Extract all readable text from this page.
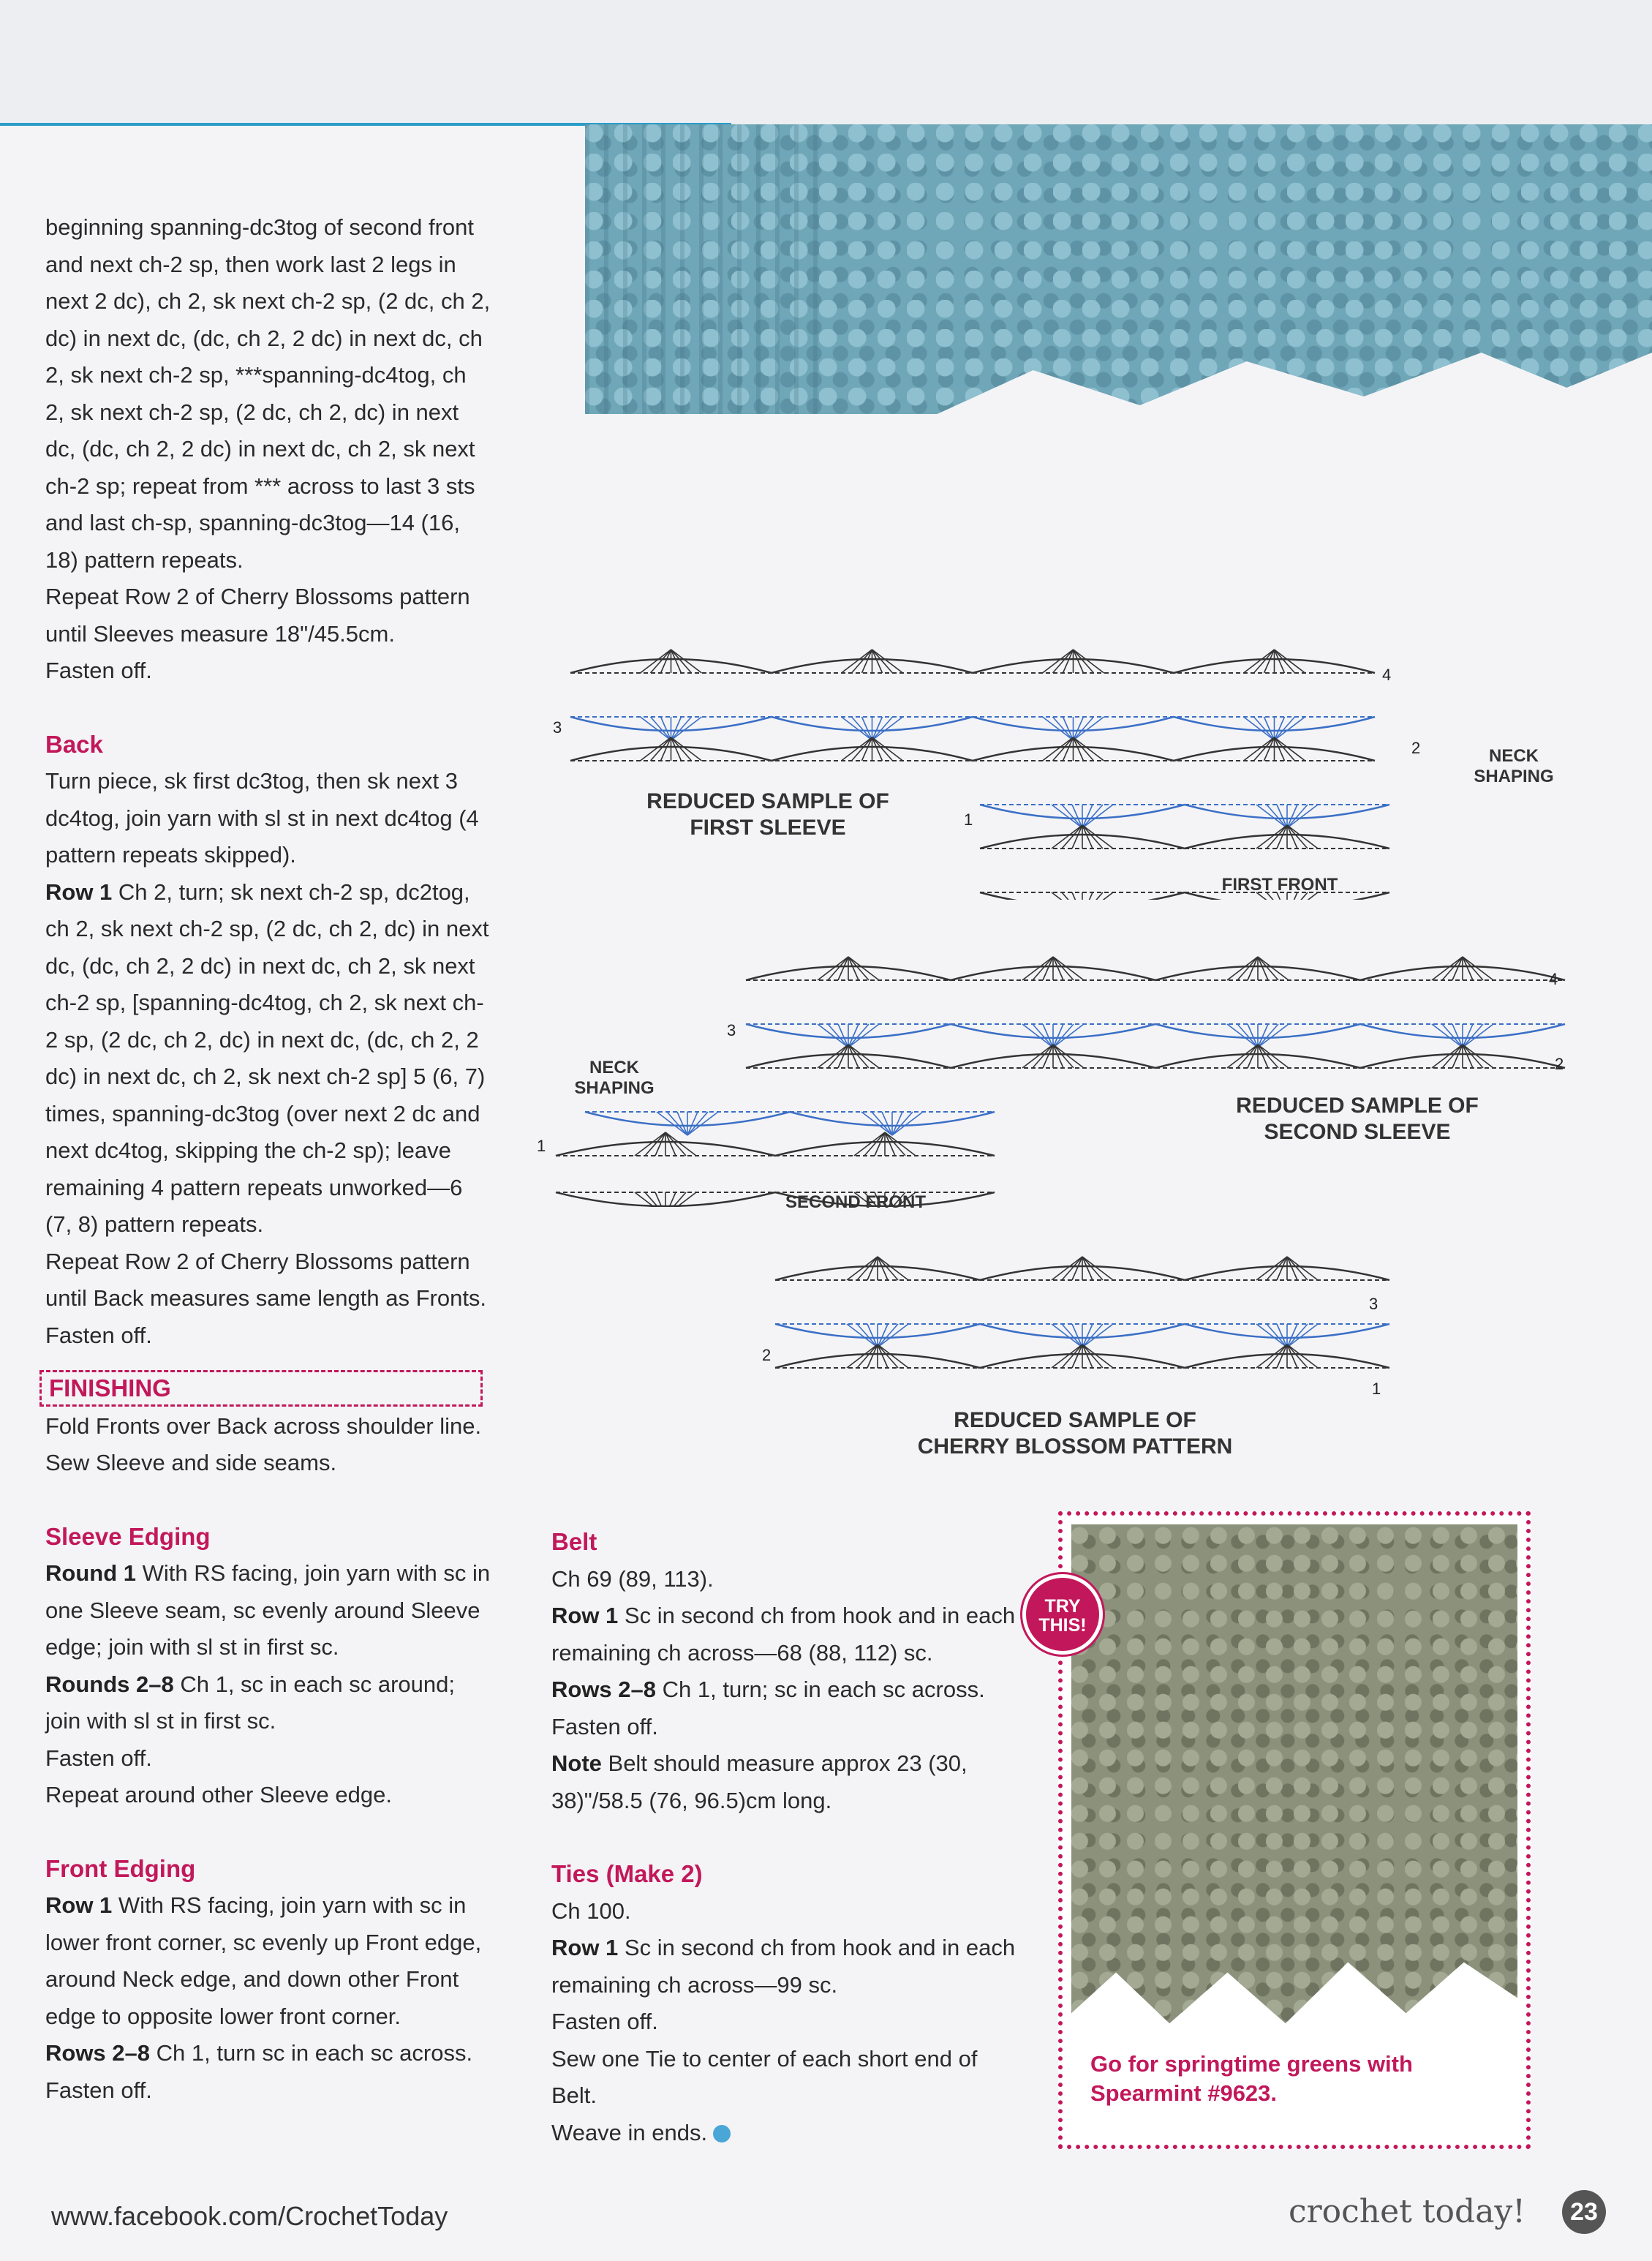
beginning spanning-dc3tog of second front and next ch-2 sp, then work last 2 legs in next 2 dc), ch 2, sk next ch-2 sp, (2 dc, ch 2, dc) in next dc, (dc, ch 2, 2 dc) in next dc, ch 2, sk next ch-2 sp, ***spanning-dc4tog, ch 2, sk next ch-2 sp, (2 dc, ch 2, dc) in next dc, (dc, ch 2, 2 dc) in next dc, ch 2, sk next ch-2 sp; repeat from *** across to last 3 sts and last ch-sp, spanning-dc3tog—14 (16, 18) pattern repeats.

Repeat Row 2 of Cherry Blossoms pattern until Sleeves measure 18"/45.5cm.

Fasten off.

Back

Turn piece, sk first dc3tog, then sk next 3 dc4tog, join yarn with sl st in next dc4tog (4 pattern repeats skipped).

Row 1 Ch 2, turn; sk next ch-2 sp, dc2tog, ch 2, sk next ch-2 sp, (2 dc, ch 2, dc) in next dc, (dc, ch 2, 2 dc) in next dc, ch 2, sk next ch-2 sp, [spanning-dc4tog, ch 2, sk next ch-2 sp, (2 dc, ch 2, dc) in next dc, (dc, ch 2, 2 dc) in next dc, ch 2, sk next ch-2 sp] 5 (6, 7) times, spanning-dc3tog (over next 2 dc and next dc4tog, skipping the ch-2 sp); leave remaining 4 pattern repeats unworked—6 (7, 8) pattern repeats.

Repeat Row 2 of Cherry Blossoms pattern until Back measures same length as Fronts.

Fasten off.

FINISHING

Fold Fronts over Back across shoulder line. Sew Sleeve and side seams.

Sleeve Edging

Round 1 With RS facing, join yarn with sc in one Sleeve seam, sc evenly around Sleeve edge; join with sl st in first sc.

Rounds 2–8 Ch 1, sc in each sc around; join with sl st in first sc.

Fasten off.

Repeat around other Sleeve edge.

Front Edging

Row 1 With RS facing, join yarn with sc in lower front corner, sc evenly up Front edge, around Neck edge, and down other Front edge to opposite lower front corner.

Rows 2–8 Ch 1, turn sc in each sc across.

Fasten off.

REDUCED SAMPLE OF
FIRST SLEEVE
NECK
SHAPING
FIRST FRONT
3
4
2
1
NECK
SHAPING
REDUCED SAMPLE OF
SECOND SLEEVE
SECOND FRONT
3
4
2
1
REDUCED SAMPLE OF
CHERRY BLOSSOM PATTERN
3
2
1

Belt

Ch 69 (89, 113).

Row 1 Sc in second ch from hook and in each remaining ch across—68 (88, 112) sc.

Rows 2–8 Ch 1, turn; sc in each sc across.

Fasten off.

Note Belt should measure approx 23 (30, 38)"/58.5 (76, 96.5)cm long.

Ties (Make 2)

Ch 100.

Row 1 Sc in second ch from hook and in each remaining ch across—99 sc.

Fasten off.

Sew one Tie to center of each short end of Belt.

Weave in ends.

Go for springtime greens with Spearmint #9623.
TRY
THIS!
www.facebook.com/CrochetToday	crochet today!	23
